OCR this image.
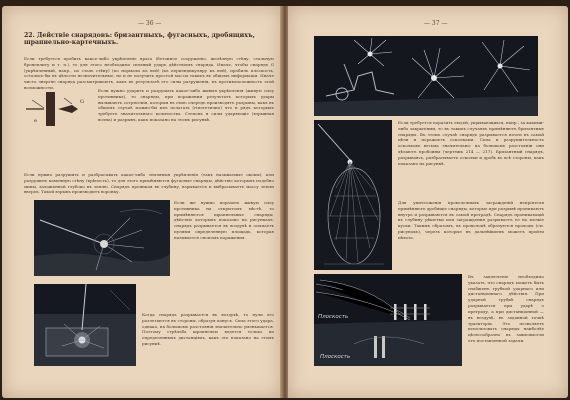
— 36 —
22. Действіе снарядовъ: бризантныхъ, фугасныхъ, дробящихъ, шрапнельно-картечныхъ.
G
e
Если требуется пробить какое-либо укрѣпленіе врага (бетонное сооруженіе, желѣзную стѣну, стальную бронеплиту и т. п.), то для этого необходимо сильный ударъ дѣйствіемъ снаряда. Иначе, чтобы снарядъ G (укрѣпленный, напр., по сталь стѣну) (по нормали къ ней) (къ перпендикуляру къ ней), пробилъ плоскость, остались-бы въ цѣлости незначительные, но и не получить простой массы такихъ въ общемъ информаціи. Иначе чисто энергію снаряда разсматриваютъ, какъ въ результатѣ его силы разрушенія, въ противоположность этой возможности.
Если нужно ударить и разрушать какое-либо живыя укрѣпленія (живую силу противника), то снаряды, при поражении результатъ которыхъ удары вызываютъ сотрясенія, которыя въ свою очередь производятъ разрывы, какъ въ общемъ случаѣ можно-бы ихъ полагать (гіпотетично) что и рядъ которыхъ требуетъ значительнаго количества. Степень и силы ударяющіе (взрывная волна) и разрывъ, какъ показано на этомъ рисункѣ.
Если нужно разрушить и разбрасывать какое-либо земляныя укрѣпленія (такъ называемые окопы), или разрушить каменную стѣну (крѣпость), то для этого примѣняются фугасные снаряды, дѣйствіе которыхъ подобно мины, заложенной глубоко въ землю. Снарядъ проникая въ глубину, взрывается и выбрасываетъ массу земли вверхъ. Такой взрывъ производитъ воронку.
Если же нужно поразить живую силу противника на открытомъ мѣстѣ, то примѣняются шрапнельные снаряды, дѣйствіе которыхъ показано на рисункахъ: снарядъ разрывается въ воздухѣ и осыпаетъ пулями определенную площадь, которая называется снопомъ поражения.
Когда снарядъ разрывается въ воздухѣ, то пули его разлетаются въ стороны, образуя конусъ. Сила этого удара, однако, на большомъ разстояніи значительно уменьшается. Поэтому стрѣльба шрапнелью ведется только на определенныхъ дистанціяхъ, какъ это показано на этомъ рисункѣ.
— 37 —
Если требуется поразить людей, укрывающихся, напр., за какими-либо закрытіями, то въ такихъ случаяхъ примѣняютъ бризантные снаряды. Въ этомъ случаѣ снарядъ разрывается почти въ самой цѣли и поражаетъ осколками. Сила и разрушительность осколковъ весьма значительна: на большомъ разстояніи они дѣлаютъ пробоины (чертежъ 214 — 217). Бризантный снарядъ, разрываясь, разбрасываетъ осколки и дробь во всѣ стороны, какъ показано на рисункѣ.
Для уничтоженія проволочныхъ загражденій непріятеля примѣняютъ дробящіе снаряды, которые при разрывѣ проникаютъ внутрь и разрываются въ самой преградѣ. Снарядъ проникающій въ глубину рѣшетки или заграждения разрываетъ ее на мелкіе куски. Такимъ образомъ, въ проволокѣ образуются проходы (см. рисунокъ), черезъ которые въ дальнѣйшемъ можетъ пройти пѣхота.
Плоскость
Плоскость
Въ заключеніе необходимо указать, что снарядъ можетъ быть снабженъ трубкой ударнаго или дистанціоннаго дѣйствія. При ударной трубкѣ снарядъ разрывается при ударѣ о преграду, а при дистанціонной — въ воздухѣ, въ заданной точкѣ траекторіи. Это позволяетъ использовать снаряды наиболѣе цѣлесообразно въ зависимости отъ поставленной задачи.
